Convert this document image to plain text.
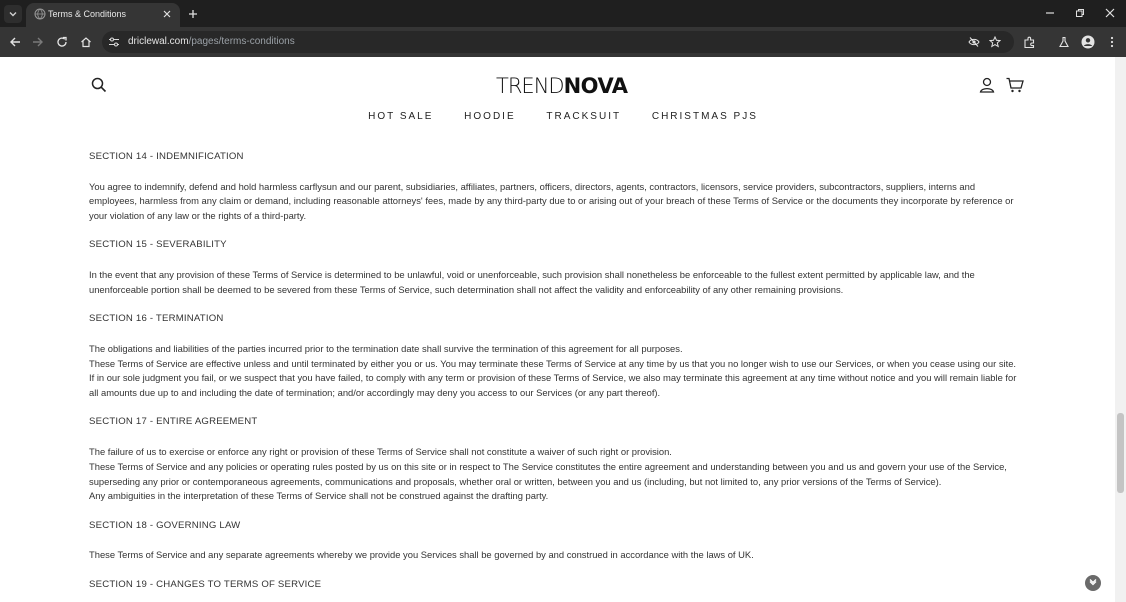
Terms & Conditions
driclewal.com/pages/terms-conditions
TRENDNOVA
HOT SALE	HOODIE	TRACKSUIT	CHRISTMAS PJS
SECTION 14 - INDEMNIFICATION

You agree to indemnify, defend and hold harmless carflysun and our parent, subsidiaries, affiliates, partners, officers, directors, agents, contractors, licensors, service providers, subcontractors, suppliers, interns and employees, harmless from any claim or demand, including reasonable attorneys' fees, made by any third-party due to or arising out of your breach of these Terms of Service or the documents they incorporate by reference or your violation of any law or the rights of a third-party.

SECTION 15 - SEVERABILITY

In the event that any provision of these Terms of Service is determined to be unlawful, void or unenforceable, such provision shall nonetheless be enforceable to the fullest extent permitted by applicable law, and the unenforceable portion shall be deemed to be severed from these Terms of Service, such determination shall not affect the validity and enforceability of any other remaining provisions.

SECTION 16 - TERMINATION

The obligations and liabilities of the parties incurred prior to the termination date shall survive the termination of this agreement for all purposes.

These Terms of Service are effective unless and until terminated by either you or us. You may terminate these Terms of Service at any time by us that you no longer wish to use our Services, or when you cease using our site.

If in our sole judgment you fail, or we suspect that you have failed, to comply with any term or provision of these Terms of Service, we also may terminate this agreement at any time without notice and you will remain liable for all amounts due up to and including the date of termination; and/or accordingly may deny you access to our Services (or any part thereof).

SECTION 17 - ENTIRE AGREEMENT

The failure of us to exercise or enforce any right or provision of these Terms of Service shall not constitute a waiver of such right or provision.

These Terms of Service and any policies or operating rules posted by us on this site or in respect to The Service constitutes the entire agreement and understanding between you and us and govern your use of the Service, superseding any prior or contemporaneous agreements, communications and proposals, whether oral or written, between you and us (including, but not limited to, any prior versions of the Terms of Service).

Any ambiguities in the interpretation of these Terms of Service shall not be construed against the drafting party.

SECTION 18 - GOVERNING LAW

These Terms of Service and any separate agreements whereby we provide you Services shall be governed by and construed in accordance with the laws of UK.

SECTION 19 - CHANGES TO TERMS OF SERVICE
